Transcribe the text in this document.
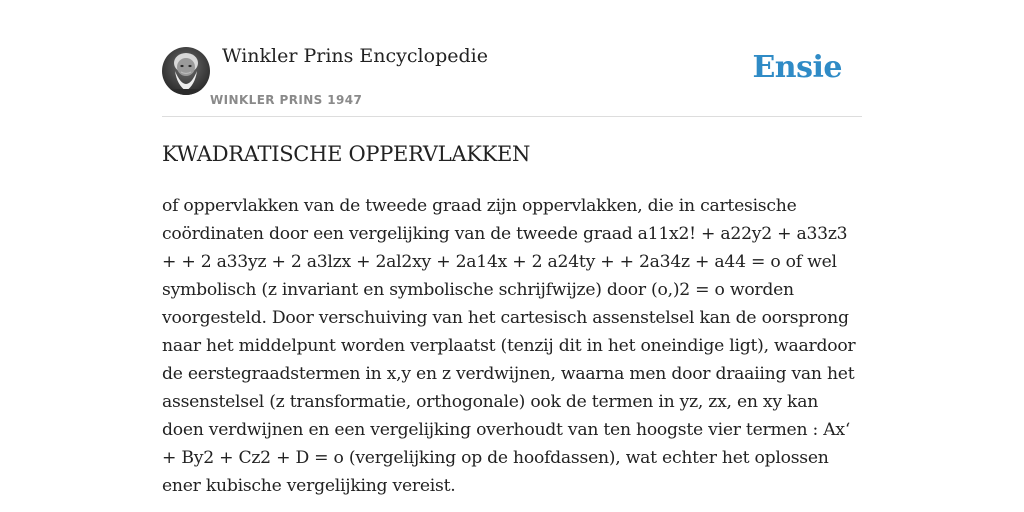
Winkler Prins Encyclopedie
WINKLER PRINS 1947
Ensie
KWADRATISCHE OPPERVLAKKEN

of oppervlakken van de tweede graad zijn oppervlakken, die in cartesische coördinaten door een vergelijking van de tweede graad a11x2! + a22y2 + a33z3 + + 2 a33yz + 2 a3lzx + 2al2xy + 2a14x + 2 a24ty + + 2a34z + a44 = o of wel symbolisch (z invariant en symbolische schrijfwijze) door (o,)2 = o worden voorgesteld. Door verschuiving van het cartesisch assenstelsel kan de oorsprong naar het middelpunt worden verplaatst (tenzij dit in het oneindige ligt), waardoor de eerstegraadstermen in x,y en z verdwijnen, waarna men door draaiing van het assenstelsel (z transformatie, orthogonale) ook de termen in yz, zx, en xy kan doen verdwijnen en een vergelijking overhoudt van ten hoogste vier termen : Ax‘ + By2 + Cz2 + D = o (vergelijking op de hoofdassen), wat echter het oplossen ener kubische vergelijking vereist.
